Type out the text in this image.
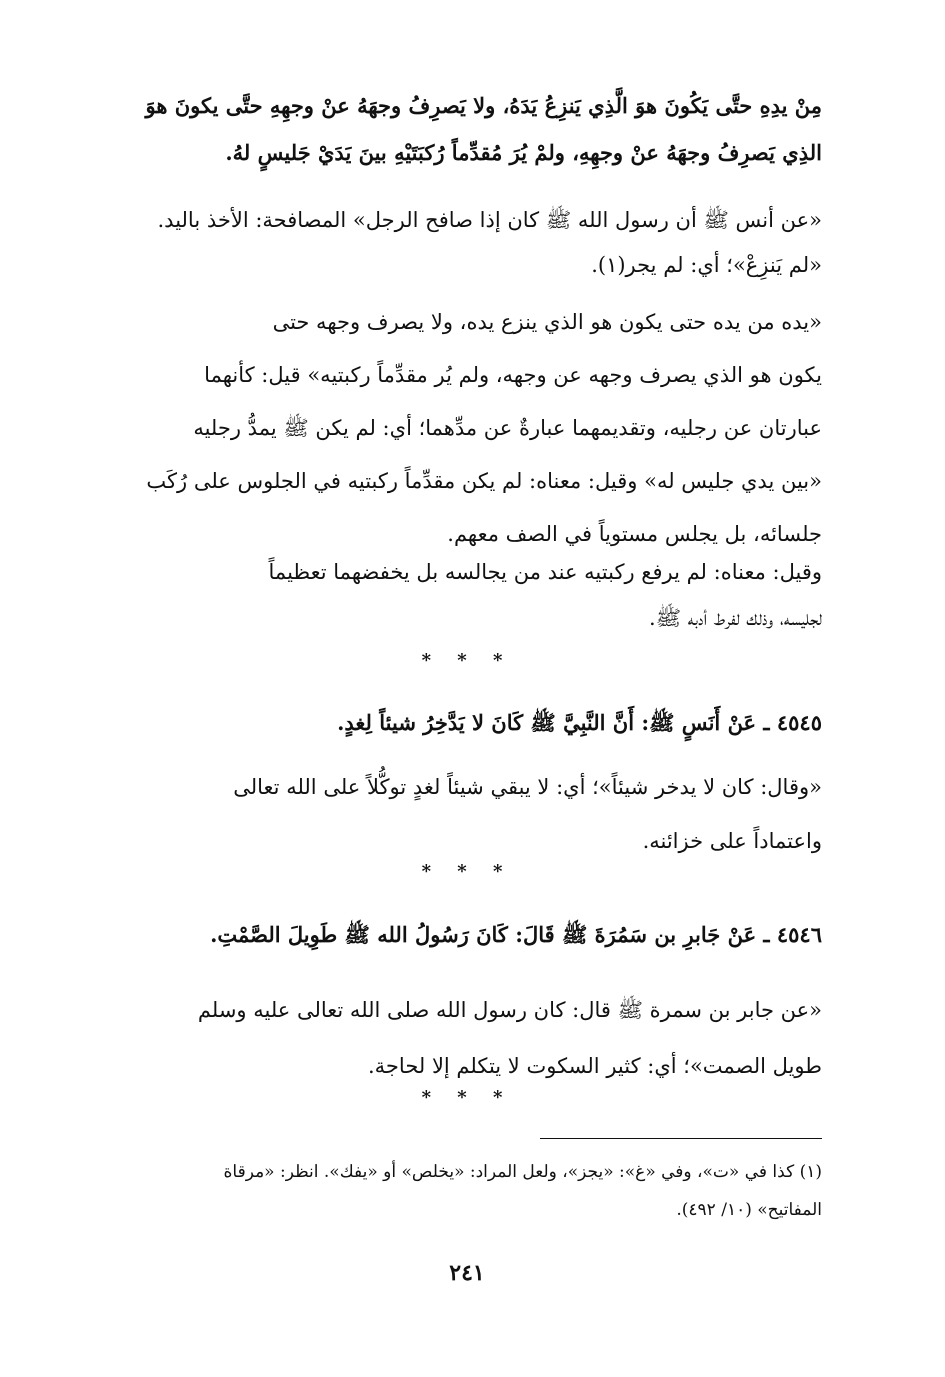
مِنْ يدِهِ حتَّى يَكُونَ هوَ الَّذِي يَنزِعُ يَدَهُ، ولا يَصرِفُ وجهَهُ عنْ وجهِهِ حتَّى يكونَ هوَ
الذِي يَصرِفُ وجهَهُ عنْ وجهِهِ، ولمْ يُرَ مُقدِّماً رُكبَتَيْهِ بينَ يَدَيْ جَليسٍ لهُ.
«عن أنس ﷺ أن رسول الله ﷺ كان إذا صافح الرجل» المصافحة: الأخذ باليد.
«لم يَنزِعْ»؛ أي: لم يجر(١).
«يده من يده حتى يكون هو الذي ينزع يده، ولا يصرف وجهه حتى
يكون هو الذي يصرف وجهه عن وجهه، ولم يُر مقدِّماً ركبتيه» قيل: كأنهما
عبارتان عن رجليه، وتقديمهما عبارةٌ عن مدِّهما؛ أي: لم يكن ﷺ يمدُّ رجليه
«بين يدي جليس له» وقيل: معناه: لم يكن مقدِّماً ركبتيه في الجلوس على رُكَب
جلسائه، بل يجلس مستوياً في الصف معهم.
وقيل: معناه: لم يرفع ركبتيه عند من يجالسه بل يخفضهما تعظيماً
لجليسه، وذلك لفرط أدبه ﷺ.
* * *
٤٥٤٥ ـ عَنْ أَنَسٍ ﷺ: أَنَّ النَّبِيَّ ﷺ كَانَ لا يَدَّخِرُ شيئاً لِغدٍ.
«وقال: كان لا يدخر شيئاً»؛ أي: لا يبقي شيئاً لغدٍ توكُّلاً على الله تعالى
واعتماداً على خزائنه.
* * *
٤٥٤٦ ـ عَنْ جَابرِ بن سَمُرَةَ ﷺ قَالَ: كَانَ رَسُولُ الله ﷺ طَوِيلَ الصَّمْتِ.
«عن جابر بن سمرة ﷺ قال: كان رسول الله صلى الله تعالى عليه وسلم
طويل الصمت»؛ أي: كثير السكوت لا يتكلم إلا لحاجة.
* * *
(١) كذا في «ت»، وفي «غ»: «يجز»، ولعل المراد: «يخلص» أو «يفك». انظر: «مرقاة
المفاتيح» (١٠/ ٤٩٢).
٢٤١
